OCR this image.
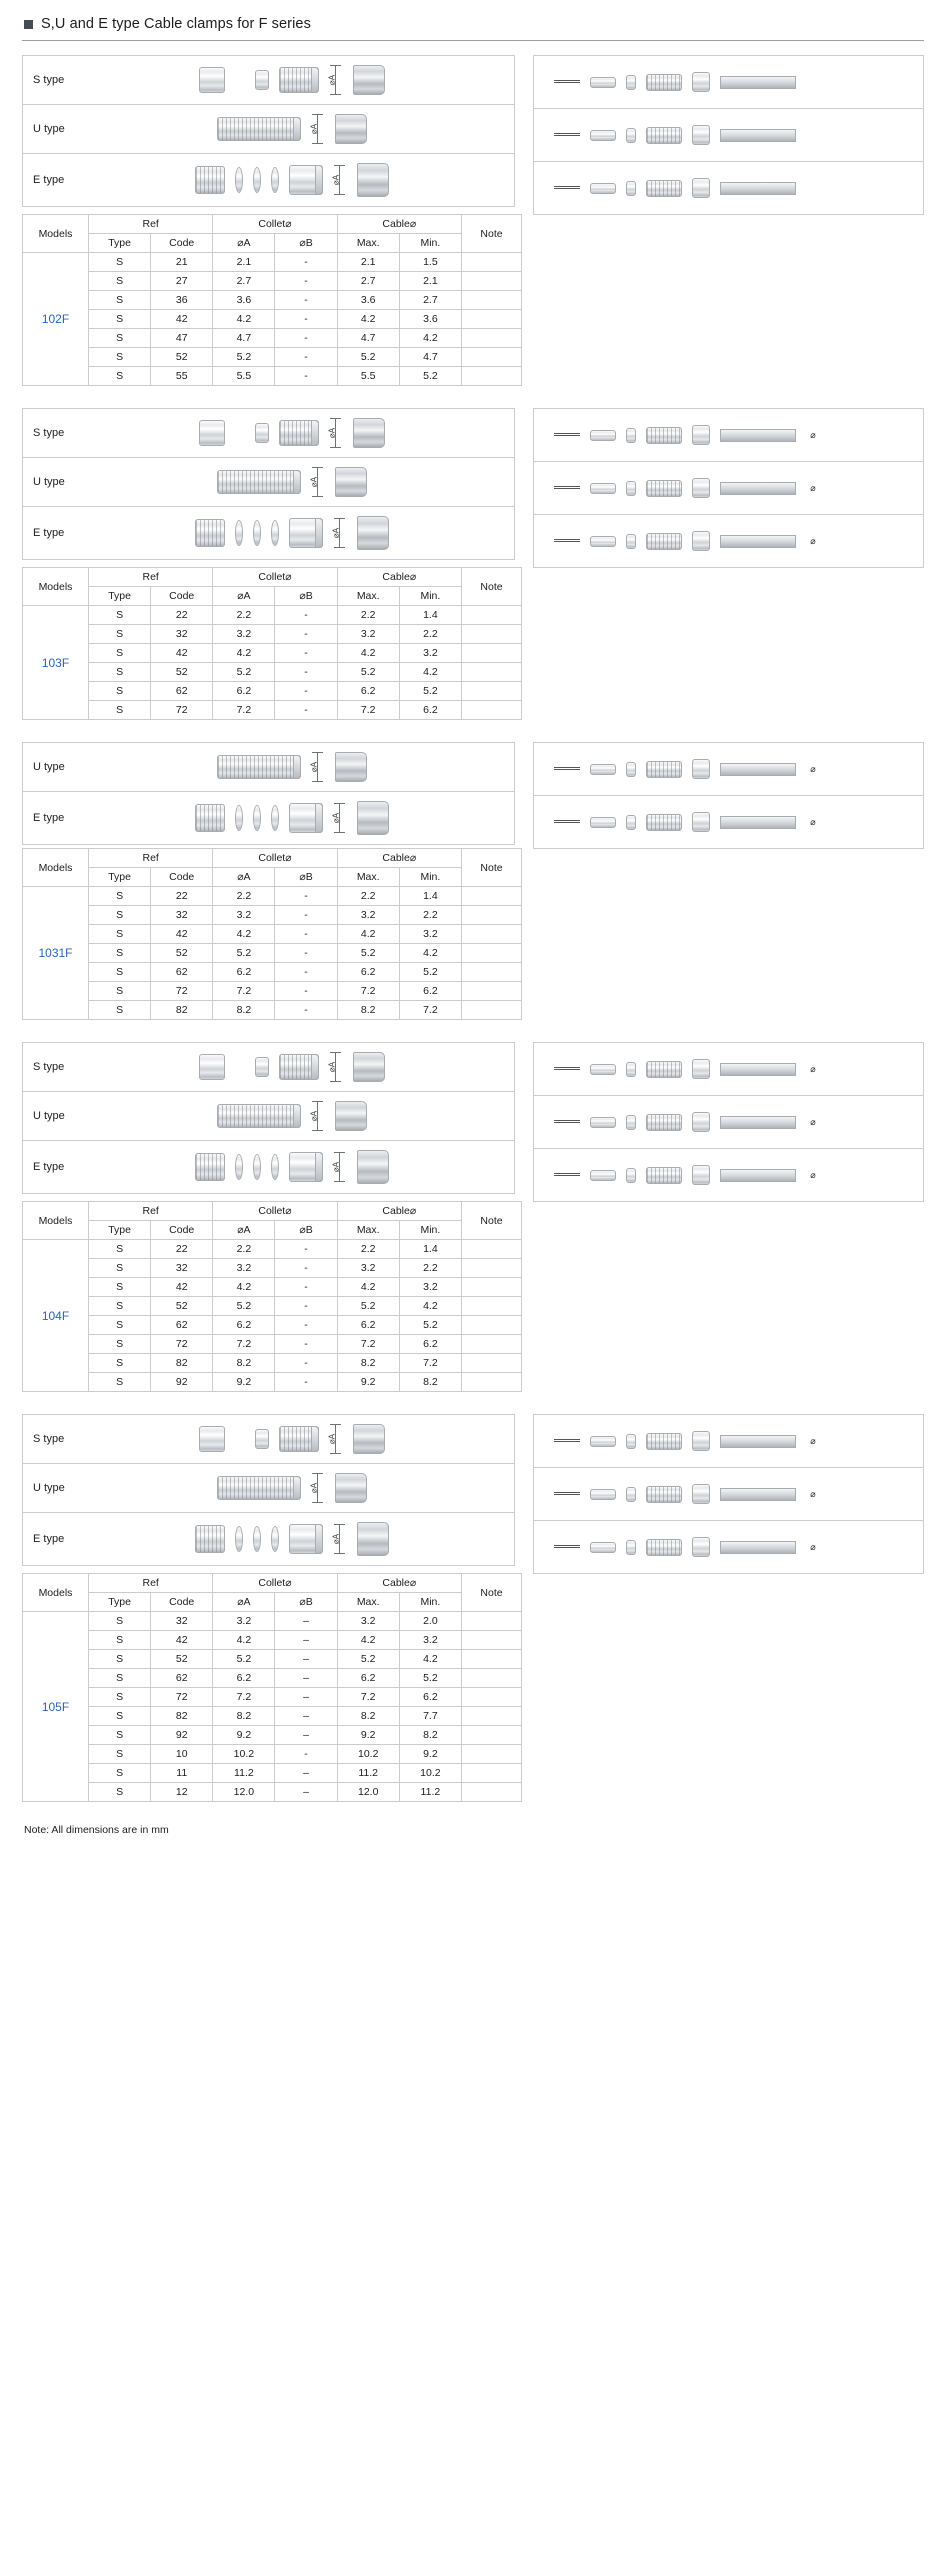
S,U and E type Cable clamps for F series
S type	⌀A
U type	⌀A
E type	⌀A
Models	Ref		Collet⌀		Cable⌀		Note
	Type	Code	⌀A	⌀B	Max.	Min.	
102F	S	21	2.1	-	2.1	1.5	
	S	27	2.7	-	2.7	2.1	
	S	36	3.6	-	3.6	2.7	
	S	42	4.2	-	4.2	3.6	
	S	47	4.7	-	4.7	4.2	
	S	52	5.2	-	5.2	4.7	
	S	55	5.5	-	5.5	5.2	
S type	⌀A
U type	⌀A
E type	⌀A
⌀
⌀
⌀
Models	Ref		Collet⌀		Cable⌀		Note
	Type	Code	⌀A	⌀B	Max.	Min.	
103F	S	22	2.2	-	2.2	1.4	
	S	32	3.2	-	3.2	2.2	
	S	42	4.2	-	4.2	3.2	
	S	52	5.2	-	5.2	4.2	
	S	62	6.2	-	6.2	5.2	
	S	72	7.2	-	7.2	6.2	
U type	⌀A
E type	⌀A
⌀
⌀
Models	Ref		Collet⌀		Cable⌀		Note
	Type	Code	⌀A	⌀B	Max.	Min.	
1031F	S	22	2.2	-	2.2	1.4	
	S	32	3.2	-	3.2	2.2	
	S	42	4.2	-	4.2	3.2	
	S	52	5.2	-	5.2	4.2	
	S	62	6.2	-	6.2	5.2	
	S	72	7.2	-	7.2	6.2	
	S	82	8.2	-	8.2	7.2	
S type	⌀A
U type	⌀A
E type	⌀A
⌀
⌀
⌀
Models	Ref		Collet⌀		Cable⌀		Note
	Type	Code	⌀A	⌀B	Max.	Min.	
104F	S	22	2.2	-	2.2	1.4	
	S	32	3.2	-	3.2	2.2	
	S	42	4.2	-	4.2	3.2	
	S	52	5.2	-	5.2	4.2	
	S	62	6.2	-	6.2	5.2	
	S	72	7.2	-	7.2	6.2	
	S	82	8.2	-	8.2	7.2	
	S	92	9.2	-	9.2	8.2	
S type	⌀A
U type	⌀A
E type	⌀A
⌀
⌀
⌀
Models	Ref		Collet⌀		Cable⌀		Note
	Type	Code	⌀A	⌀B	Max.	Min.	
105F	S	32	3.2	–	3.2	2.0	
	S	42	4.2	–	4.2	3.2	
	S	52	5.2	–	5.2	4.2	
	S	62	6.2	–	6.2	5.2	
	S	72	7.2	–	7.2	6.2	
	S	82	8.2	–	8.2	7.7	
	S	92	9.2	–	9.2	8.2	
	S	10	10.2	-	10.2	9.2	
	S	11	11.2	–	11.2	10.2	
	S	12	12.0	–	12.0	11.2	
Note: All dimensions are in mm
